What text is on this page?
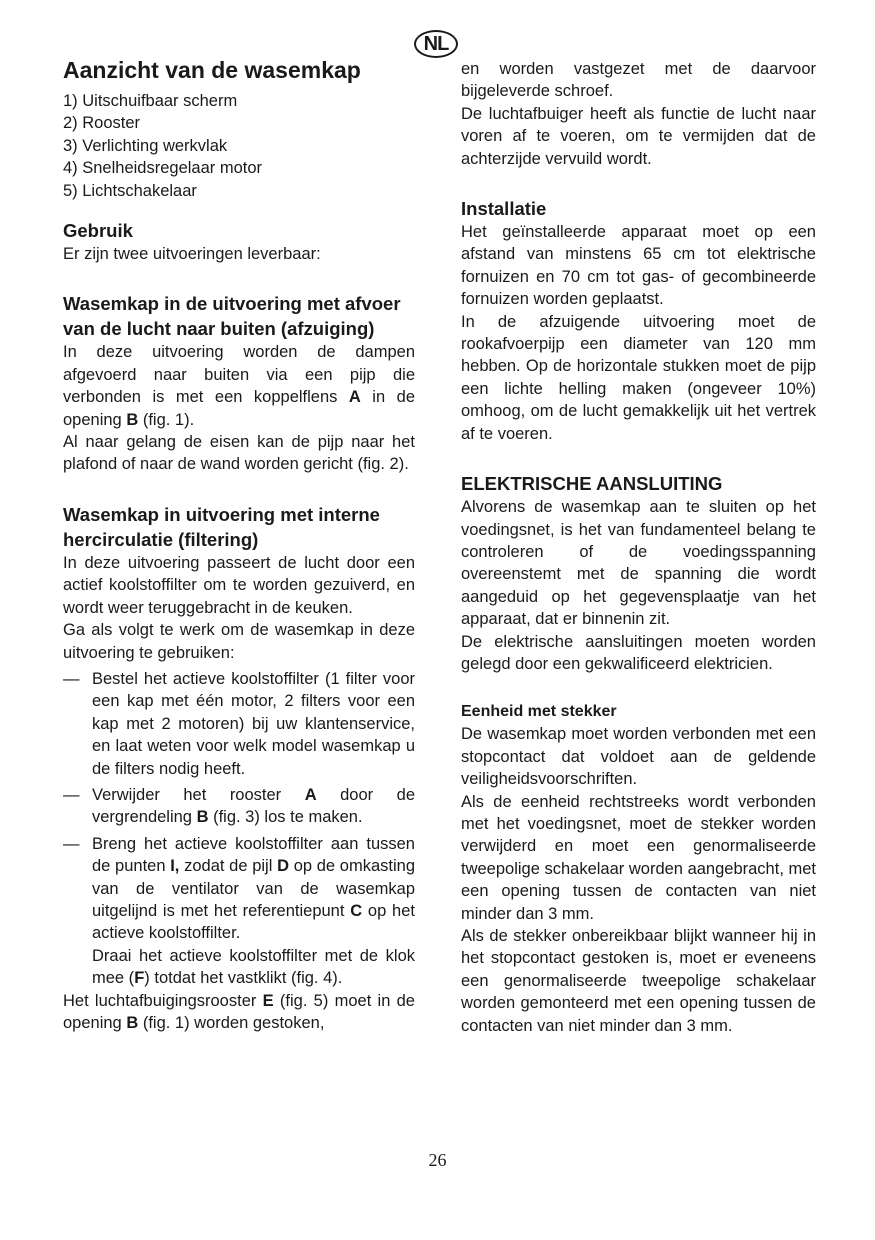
NL
Aanzicht van de wasemkap

1) Uitschuifbaar scherm

2) Rooster

3) Verlichting werkvlak

4) Snelheidsregelaar motor

5) Lichtschakelaar

Gebruik

Er zijn twee uitvoeringen leverbaar:

Wasemkap in de uitvoering met afvoer van de lucht naar buiten (afzuiging)

In deze uitvoering worden de dampen afgevoerd naar buiten via een pijp die verbonden is met een koppelflens A in de opening B (fig. 1).

Al naar gelang de eisen kan de pijp naar het plafond of naar de wand worden gericht (fig. 2).

Wasemkap in uitvoering met interne hercirculatie (filtering)

In deze uitvoering passeert de lucht door een actief koolstoffilter om te worden gezuiverd, en wordt weer teruggebracht in de keuken.

Ga als volgt te werk om de wasemkap in deze uitvoering te gebruiken:

— Bestel het actieve koolstoffilter (1 filter voor een kap met één motor, 2 filters voor een kap met 2 motoren) bij uw klantenservice, en laat weten voor welk model wasemkap u de filters nodig heeft.

— Verwijder het rooster A door de vergrendeling B (fig. 3) los te maken.

— Breng het actieve koolstoffilter aan tussen de punten I, zodat de pijl D op de omkasting van de ventilator van de wasemkap uitgelijnd is met het referentiepunt C op het actieve koolstoffilter.

Draai het actieve koolstoffilter met de klok mee (F) totdat het vastklikt (fig. 4).

Het luchtafbuigingsrooster E (fig. 5) moet in de opening B (fig. 1) worden gestoken,

en worden vastgezet met de daarvoor bijgeleverde schroef.

De luchtafbuiger heeft als functie de lucht naar voren af te voeren, om te vermijden dat de achterzijde vervuild wordt.

Installatie

Het geïnstalleerde apparaat moet op een afstand van minstens 65 cm tot elektrische fornuizen en 70 cm tot gas- of gecombineerde fornuizen worden geplaatst.

In de afzuigende uitvoering moet de rookafvoerpijp een diameter van 120 mm hebben. Op de horizontale stukken moet de pijp een lichte helling maken (ongeveer 10%) omhoog, om de lucht gemakkelijk uit het vertrek af te voeren.

ELEKTRISCHE AANSLUITING

Alvorens de wasemkap aan te sluiten op het voedingsnet, is het van fundamenteel belang te controleren of de voedingsspanning overeenstemt met de spanning die wordt aangeduid op het gegevensplaatje van het apparaat, dat er binnenin zit.

De elektrische aansluitingen moeten worden gelegd door een gekwalificeerd elektricien.

Eenheid met stekker

De wasemkap moet worden verbonden met een stopcontact dat voldoet aan de geldende veiligheidsvoorschriften.

Als de eenheid rechtstreeks wordt verbonden met het voedingsnet, moet de stekker worden verwijderd en moet een genormaliseerde tweepolige schakelaar worden aangebracht, met een opening tussen de contacten van niet minder dan 3 mm.

Als de stekker onbereikbaar blijkt wanneer hij in het stopcontact gestoken is, moet er eveneens een genormaliseerde tweepolige schakelaar worden gemonteerd met een opening tussen de contacten van niet minder dan 3 mm.

26
